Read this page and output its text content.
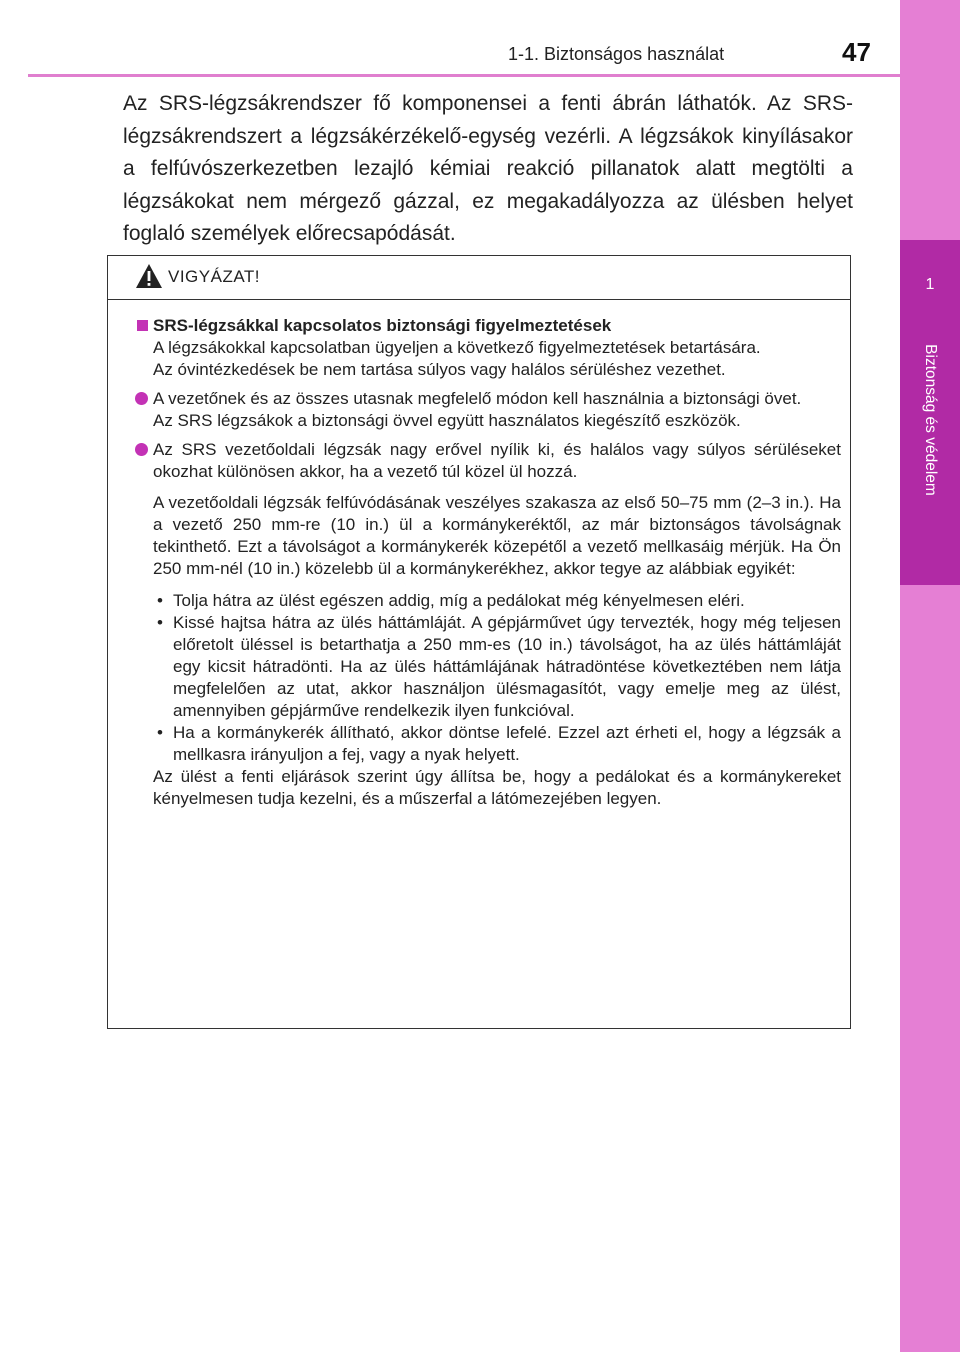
1-1. Biztonságos használat	47
1
Biztonság és védelem
Az SRS-légzsákrendszer fő komponensei a fenti ábrán láthatók. Az SRS-légzsákrendszert a légzsákérzékelő-egység vezérli. A légzsákok kinyílásakor a felfúvószerkezetben lezajló kémiai reakció pillanatok alatt megtölti a légzsákokat nem mérgező gázzal, ez megakadályozza az ülésben helyet foglaló személyek előrecsapódását.
VIGYÁZAT!
SRS-légzsákkal kapcsolatos biztonsági figyelmeztetések

A légzsákokkal kapcsolatban ügyeljen a következő figyelmeztetések betartására.

Az óvintézkedések be nem tartása súlyos vagy halálos sérüléshez vezethet.

A vezetőnek és az összes utasnak megfelelő módon kell használnia a biztonsági övet.

Az SRS légzsákok a biztonsági övvel együtt használatos kiegészítő eszközök.

Az SRS vezetőoldali légzsák nagy erővel nyílik ki, és halálos vagy súlyos sérüléseket okozhat különösen akkor, ha a vezető túl közel ül hozzá.

A vezetőoldali légzsák felfúvódásának veszélyes szakasza az első 50–75 mm (2–3 in.). Ha a vezető 250 mm-re (10 in.) ül a kormánykeréktől, az már biztonságos távolságnak tekinthető. Ezt a távolságot a kormánykerék közepétől a vezető mellkasáig mérjük. Ha Ön 250 mm-nél (10 in.) közelebb ül a kormánykerékhez, akkor tegye az alábbiak egyikét:

• Tolja hátra az ülést egészen addig, míg a pedálokat még kényelmesen eléri.
• Kissé hajtsa hátra az ülés háttámláját. A gépjárművet úgy tervezték, hogy még teljesen előretolt üléssel is betarthatja a 250 mm-es (10 in.) távolságot, ha az ülés háttámláját egy kicsit hátradönti. Ha az ülés háttámlájának hátradöntése következtében nem látja megfelelően az utat, akkor használjon ülésmagasítót, vagy emelje meg az ülést, amennyiben gépjárműve rendelkezik ilyen funkcióval.
• Ha a kormánykerék állítható, akkor döntse lefelé. Ezzel azt érheti el, hogy a légzsák a mellkasra irányuljon a fej, vagy a nyak helyett.

Az ülést a fenti eljárások szerint úgy állítsa be, hogy a pedálokat és a kormánykereket kényelmesen tudja kezelni, és a műszerfal a látómezejében legyen.
